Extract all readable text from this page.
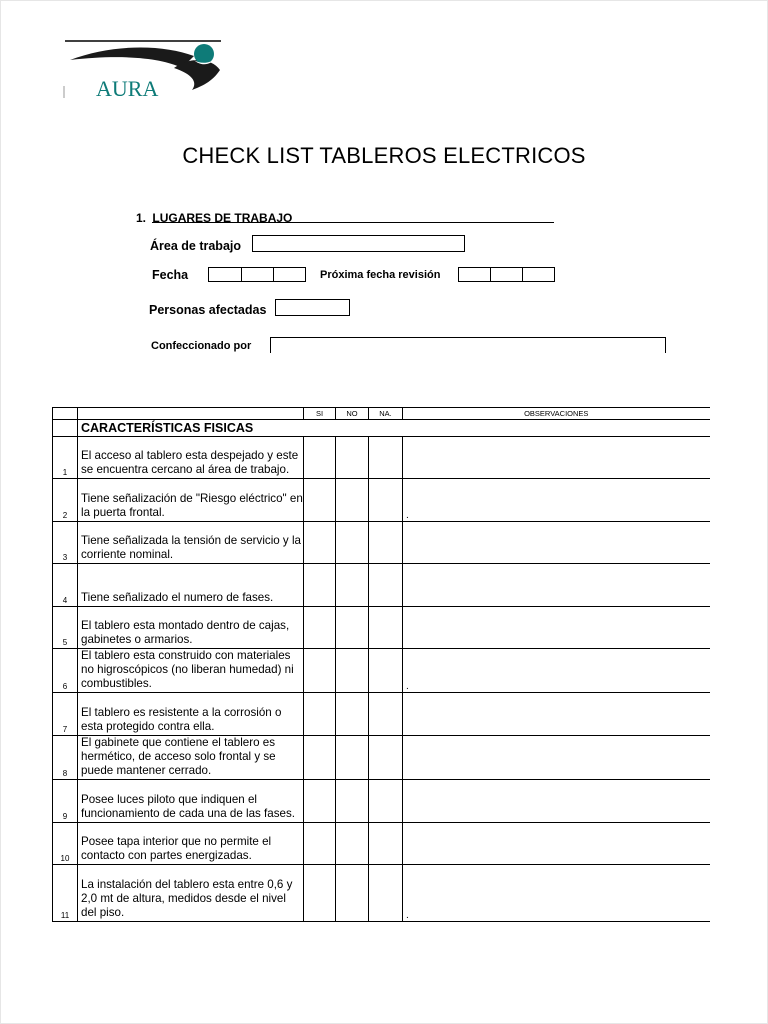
AURA
CHECK LIST TABLEROS ELECTRICOS
1. LUGARES DE TRABAJO
Área de trabajo
Fecha	Próxima fecha revisión
Personas afectadas
Confeccionado por
		SI	NO	NA.	OBSERVACIONES
	CARACTERÍSTICAS FISICAS				
1	El acceso al tablero esta despejado y este se encuentra cercano al área de trabajo.				
2	Tiene señalización de "Riesgo eléctrico" en la puerta frontal.				.
3	Tiene señalizada la tensión de servicio y la corriente nominal.				
4	Tiene señalizado el numero de fases.				
5	El tablero esta montado dentro de cajas, gabinetes o armarios.				
6	El tablero esta construido con materiales no higroscópicos (no liberan humedad) ni combustibles.				.
7	El tablero es resistente a la corrosión o esta protegido contra ella.				
8	El gabinete que contiene el tablero es hermético, de acceso solo frontal y se puede mantener cerrado.				
9	Posee luces piloto que indiquen el funcionamiento de cada una de las fases.				
10	Posee tapa interior que no permite el contacto con partes energizadas.				
11	La instalación del tablero esta entre 0,6 y 2,0 mt de altura, medidos desde el nivel del piso.				.
